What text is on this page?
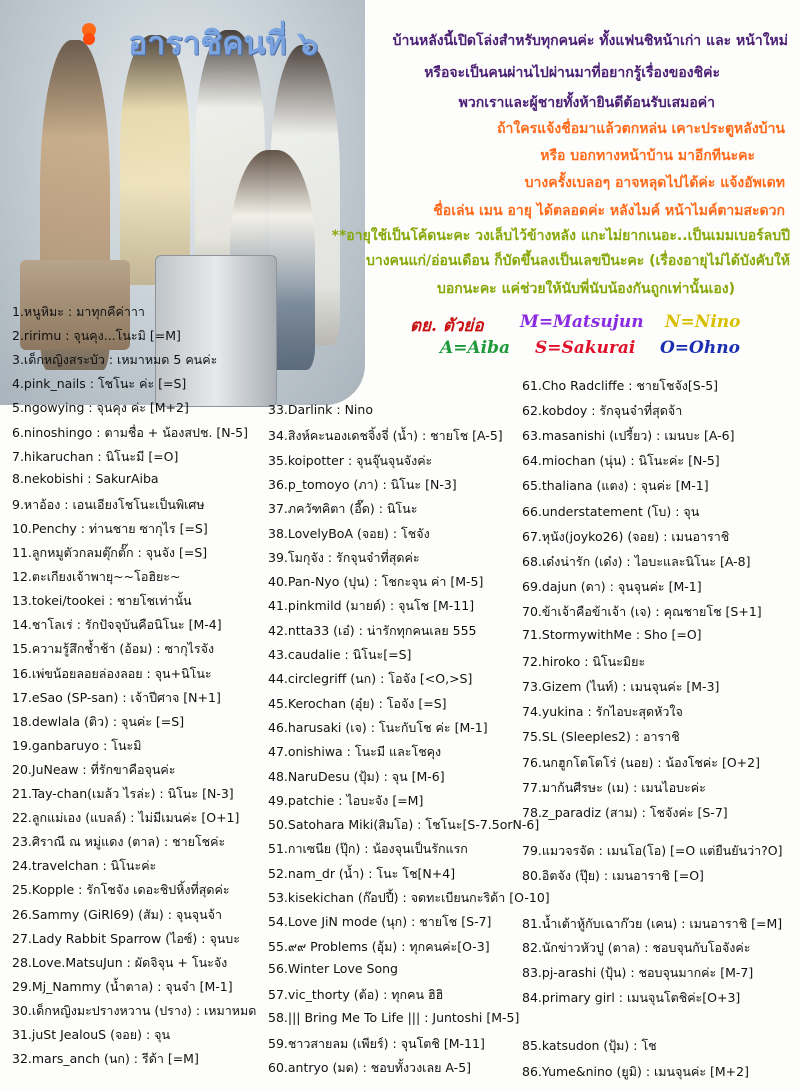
อาราชิคนที่ ๖	บ้านหลังนี้เปิดโล่งสำหรับทุกคนค่ะ ทั้งแฟนชิหน้าเก่า และ หน้าใหม่
หรือจะเป็นคนผ่านไปผ่านมาที่อยากรู้เรื่องของชิค่ะ
พวกเราและผู้ชายทั้งห้ายินดีต้อนรับเสมอค่า
ถ้าใครแจ้งชื่อมาแล้วตกหล่น เคาะประตูหลังบ้าน
หรือ บอกทางหน้าบ้าน มาอีกทีนะคะ
บางครั้งเบลอๆ อาจหลุดไปได้ค่ะ แจ้งอัพเดท
ชื่อเล่น เมน อายุ ได้ตลอดค่ะ หลังไมค์ หน้าไมค์ตามสะดวก
**อายุใช้เป็นโค้ดนะคะ วงเล็บไว้ข้างหลัง แกะไม่ยากเนอะ..เป็นเมมเบอร์ลบปี
บางคนแก่/อ่อนเดือน ก็บัดขึ้นลงเป็นเลขปีนะคะ (เรื่องอายุไม่ได้บังคับให้
บอกนะคะ แค่ช่วยให้นับพี่นับน้องกันถูกเท่านั้นเอง)
ตย. ตัวย่อ M=Matsujun N=Nino
A=Aiba S=Sakurai O=Ohno
1.หนูหิมะ : มาทุกคีค่าาา
2.ririmu : จุนคุง...โนะมิ [=M]
3.เด็กหญิงสระบัว : เหมาหมด 5 คนค่ะ
4.pink_nails : โชโนะ ค่ะ [=S]
5.ngowying : จุนคุง ค่ะ [M+2]
6.ninoshingo : ตามชื่อ + น้องสปช. [N-5]
7.hikaruchan : นิโนะมี [=O]
8.nekobishi : SakurAiba
9.หาอ้อง : เอนเอียงโชโนะเป็นพิเศษ
10.Penchy : ท่านชาย ซากุไร [=S]
11.ลูกหมูตัวกลมตุ๊กตั๊ก : จุนจัง [=S]
12.ตะเกียงเจ้าพายุ~~โอฮิยะ~
13.tokei/tookei : ชายโชเท่านั้น
14.ชาโลเร่ : รักปัจจุบันคือนิโนะ [M-4]
15.ความรู้สึกช้ำช้า (อ้อม) : ซากุไรจัง
16.เพ่ขน้อยลอยล่องลอย : จุน+นิโนะ
17.eSao (SP-san) : เจ้าปีศาจ [N+1]
18.dewlala (ติว) : จุนค่ะ [=S]
19.ganbaruyo : โนะมิ
20.JuNeaw : ที่รักขาคือจุนค่ะ
21.Tay-chan(เมล้ว ไรล่ะ) : นิโนะ [N-3]
22.ลูกแม่เอง (แบลล์) : ไม่มีเมนค่ะ [O+1]
23.ศิราณี ณ หมู่แดง (ตาล) : ชายโชค่ะ
24.travelchan : นิโนะค่ะ
25.Kopple : รักโชจัง เดอะชิปหิ้งที่สุดค่ะ
26.Sammy (GiRl69) (สัม) : จุนจุนจ้า
27.Lady Rabbit Sparrow (ไอซ์) : จุนบะ
28.Love.MatsuJun : ผัดจิจุน + โนะจัง
29.Mj_Nammy (น้ำตาล) : จุนจ๋า [M-1]
30.เด็กหญิงมะปรางหวาน (ปราง) : เหมาหมด
31.juSt JealouS (จอย) : จุน
32.mars_anch (นก) : รีด้า [=M]
33.Darlink : Nino
34.สิงห์คะนองเดชจิ้งจี่ (น้ำ) : ชายโช [A-5]
35.koipotter : จุนจุ๊นจุนจังค่ะ
36.p_tomoyo (ภา) : นิโนะ [N-3]
37.ภควัฑคิตา (อี๊ด) : นิโนะ
38.LovelyBoA (จอย) : โชจัง
39.โมกุจัง : รักจุนจ๋าที่สุดค่ะ
40.Pan-Nyo (ปุน) : โชกะจุน ค่า [M-5]
41.pinkmild (มายด์) : จุนโช [M-11]
42.ntta33 (เอ๋) : น่ารักทุกคนเลย 555
43.caudalie : นิโนะ[=S]
44.circlegriff (นก) : โอจัง [<O,>S]
45.Kerochan (อุ๋ย) : โอจัง [=S]
46.harusaki (เจ) : โนะกับโช ค่ะ [M-1]
47.onishiwa : โนะมี และโชคุง
48.NaruDesu (ปุ้ม) : จุน [M-6]
49.patchie : ไอบะจัง [=M]
50.Satohara Miki(สิมโอ) : โชโนะ[S-7.5orN-6]
51.กาเซนีย (ปุ๊ก) : น้องจุนเป็นรักแรก
52.nam_dr (น้ำ) : โนะ โช[N+4]
53.kisekichan (ก๊อปปี้) : จดทะเบียนกะริด้า [O-10]
54.Love JiN mode (นุก) : ชายโช [S-7]
55.๙๙ Problems (อุ้ม) : ทุกคนค่ะ[O-3]
56.Winter Love Song
57.vic_thorty (ต้อ) : ทุกคน ฮิฮิ
58.||| Bring Me To Life ||| : Juntoshi [M-5]
59.ชาวสายลม (เพียร์) : จุนโตชิ [M-11]
60.antryo (มด) : ชอบทั้งวงเลย A-5]
61.Cho Radcliffe : ชายโชจัง[S-5]
62.kobdoy : รักจุนจ๋าที่สุดจ้า
63.masanishi (เปรี้ยว) : เมนบะ [A-6]
64.miochan (นุ่น) : นิโนะค่ะ [N-5]
65.thaliana (แตง) : จุนค่ะ [M-1]
66.understatement (โบ) : จุน
67.หุนัง(joyko26) (จอย) : เมนอาราชิ
68.เด๋งน่ารัก (เด๋ง) : ไอบะและนิโนะ [A-8]
69.dajun (ดา) : จุนจุนค่ะ [M-1]
70.ข้าเจ้าคือข้าเจ้า (เจ) : คุณชายโช [S+1]
71.StormywithMe : Sho [=O]
72.hiroko : นิโนะมิยะ
73.Gizem (ไนท์) : เมนจุนค่ะ [M-3]
74.yukina : รักไอบะสุดหัวใจ
75.SL (Sleeples2) : อาราชิ
76.นกฮูกโตโตโร่ (นอย) : น้องโชค่ะ [O+2]
77.มาก้นศีรษะ (เม) : เมนไอบะค่ะ
78.z_paradiz (สาม) : โชจังค่ะ [S-7]
79.แมวจรจัด : เมนโอ(โอ) [=O แต่ยืนยันว่า?O]
80.อิตจัง (ปุ๊ย) : เมนอาราชิ [=O]
81.น้ำเต้าหู้กับเฉาก๊วย (เคน) : เมนอาราชิ [=M]
82.นักข่าวหัวปู (ตาล) : ชอบจุนกับโอจังค่ะ
83.pj-arashi (ปุ้น) : ชอบจุนมากค่ะ [M-7]
84.primary girl : เมนจุนโตชิค่ะ[O+3]
85.katsudon (ปุ้ม) : โช
86.Yume&nino (ยูมิ) : เมนจุนค่ะ [M+2]
